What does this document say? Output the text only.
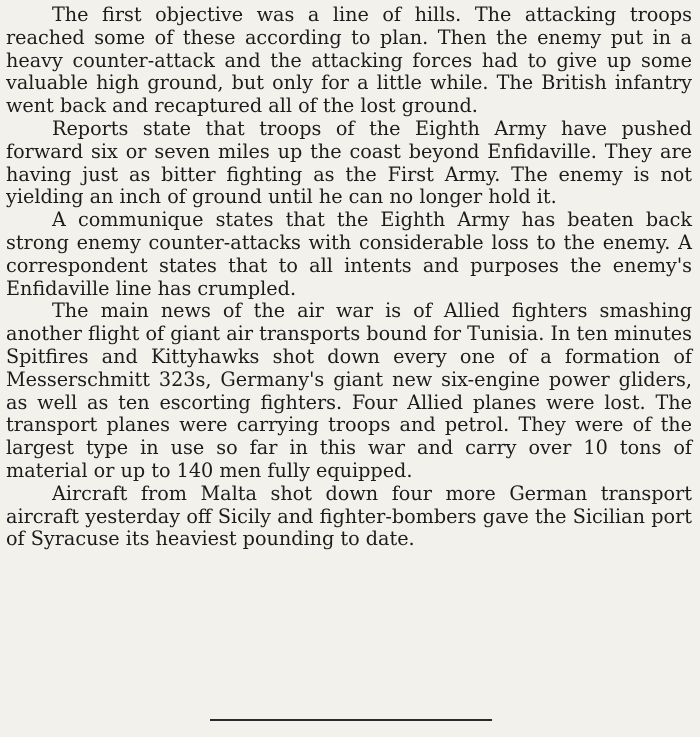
The first objective was a line of hills. The attacking troops reached some of these according to plan. Then the enemy put in a heavy counter-attack and the attacking forces had to give up some valuable high ground, but only for a little while. The British infantry went back and recaptured all of the lost ground.

Reports state that troops of the Eighth Army have pushed forward six or seven miles up the coast beyond Enfidaville. They are having just as bitter fighting as the First Army. The enemy is not yielding an inch of ground until he can no longer hold it.

A communique states that the Eighth Army has beaten back strong enemy counter-attacks with considerable loss to the enemy. A correspondent states that to all intents and purposes the enemy's Enfidaville line has crumpled.

The main news of the air war is of Allied fighters smashing another flight of giant air transports bound for Tunisia. In ten minutes Spitfires and Kittyhawks shot down every one of a formation of Messerschmitt 323s, Germany's giant new six-engine power gliders, as well as ten escorting fighters. Four Allied planes were lost. The transport planes were carrying troops and petrol. They were of the largest type in use so far in this war and carry over 10 tons of material or up to 140 men fully equipped.

Aircraft from Malta shot down four more German transport aircraft yesterday off Sicily and fighter-bombers gave the Sicilian port of Syracuse its heaviest pounding to date.
